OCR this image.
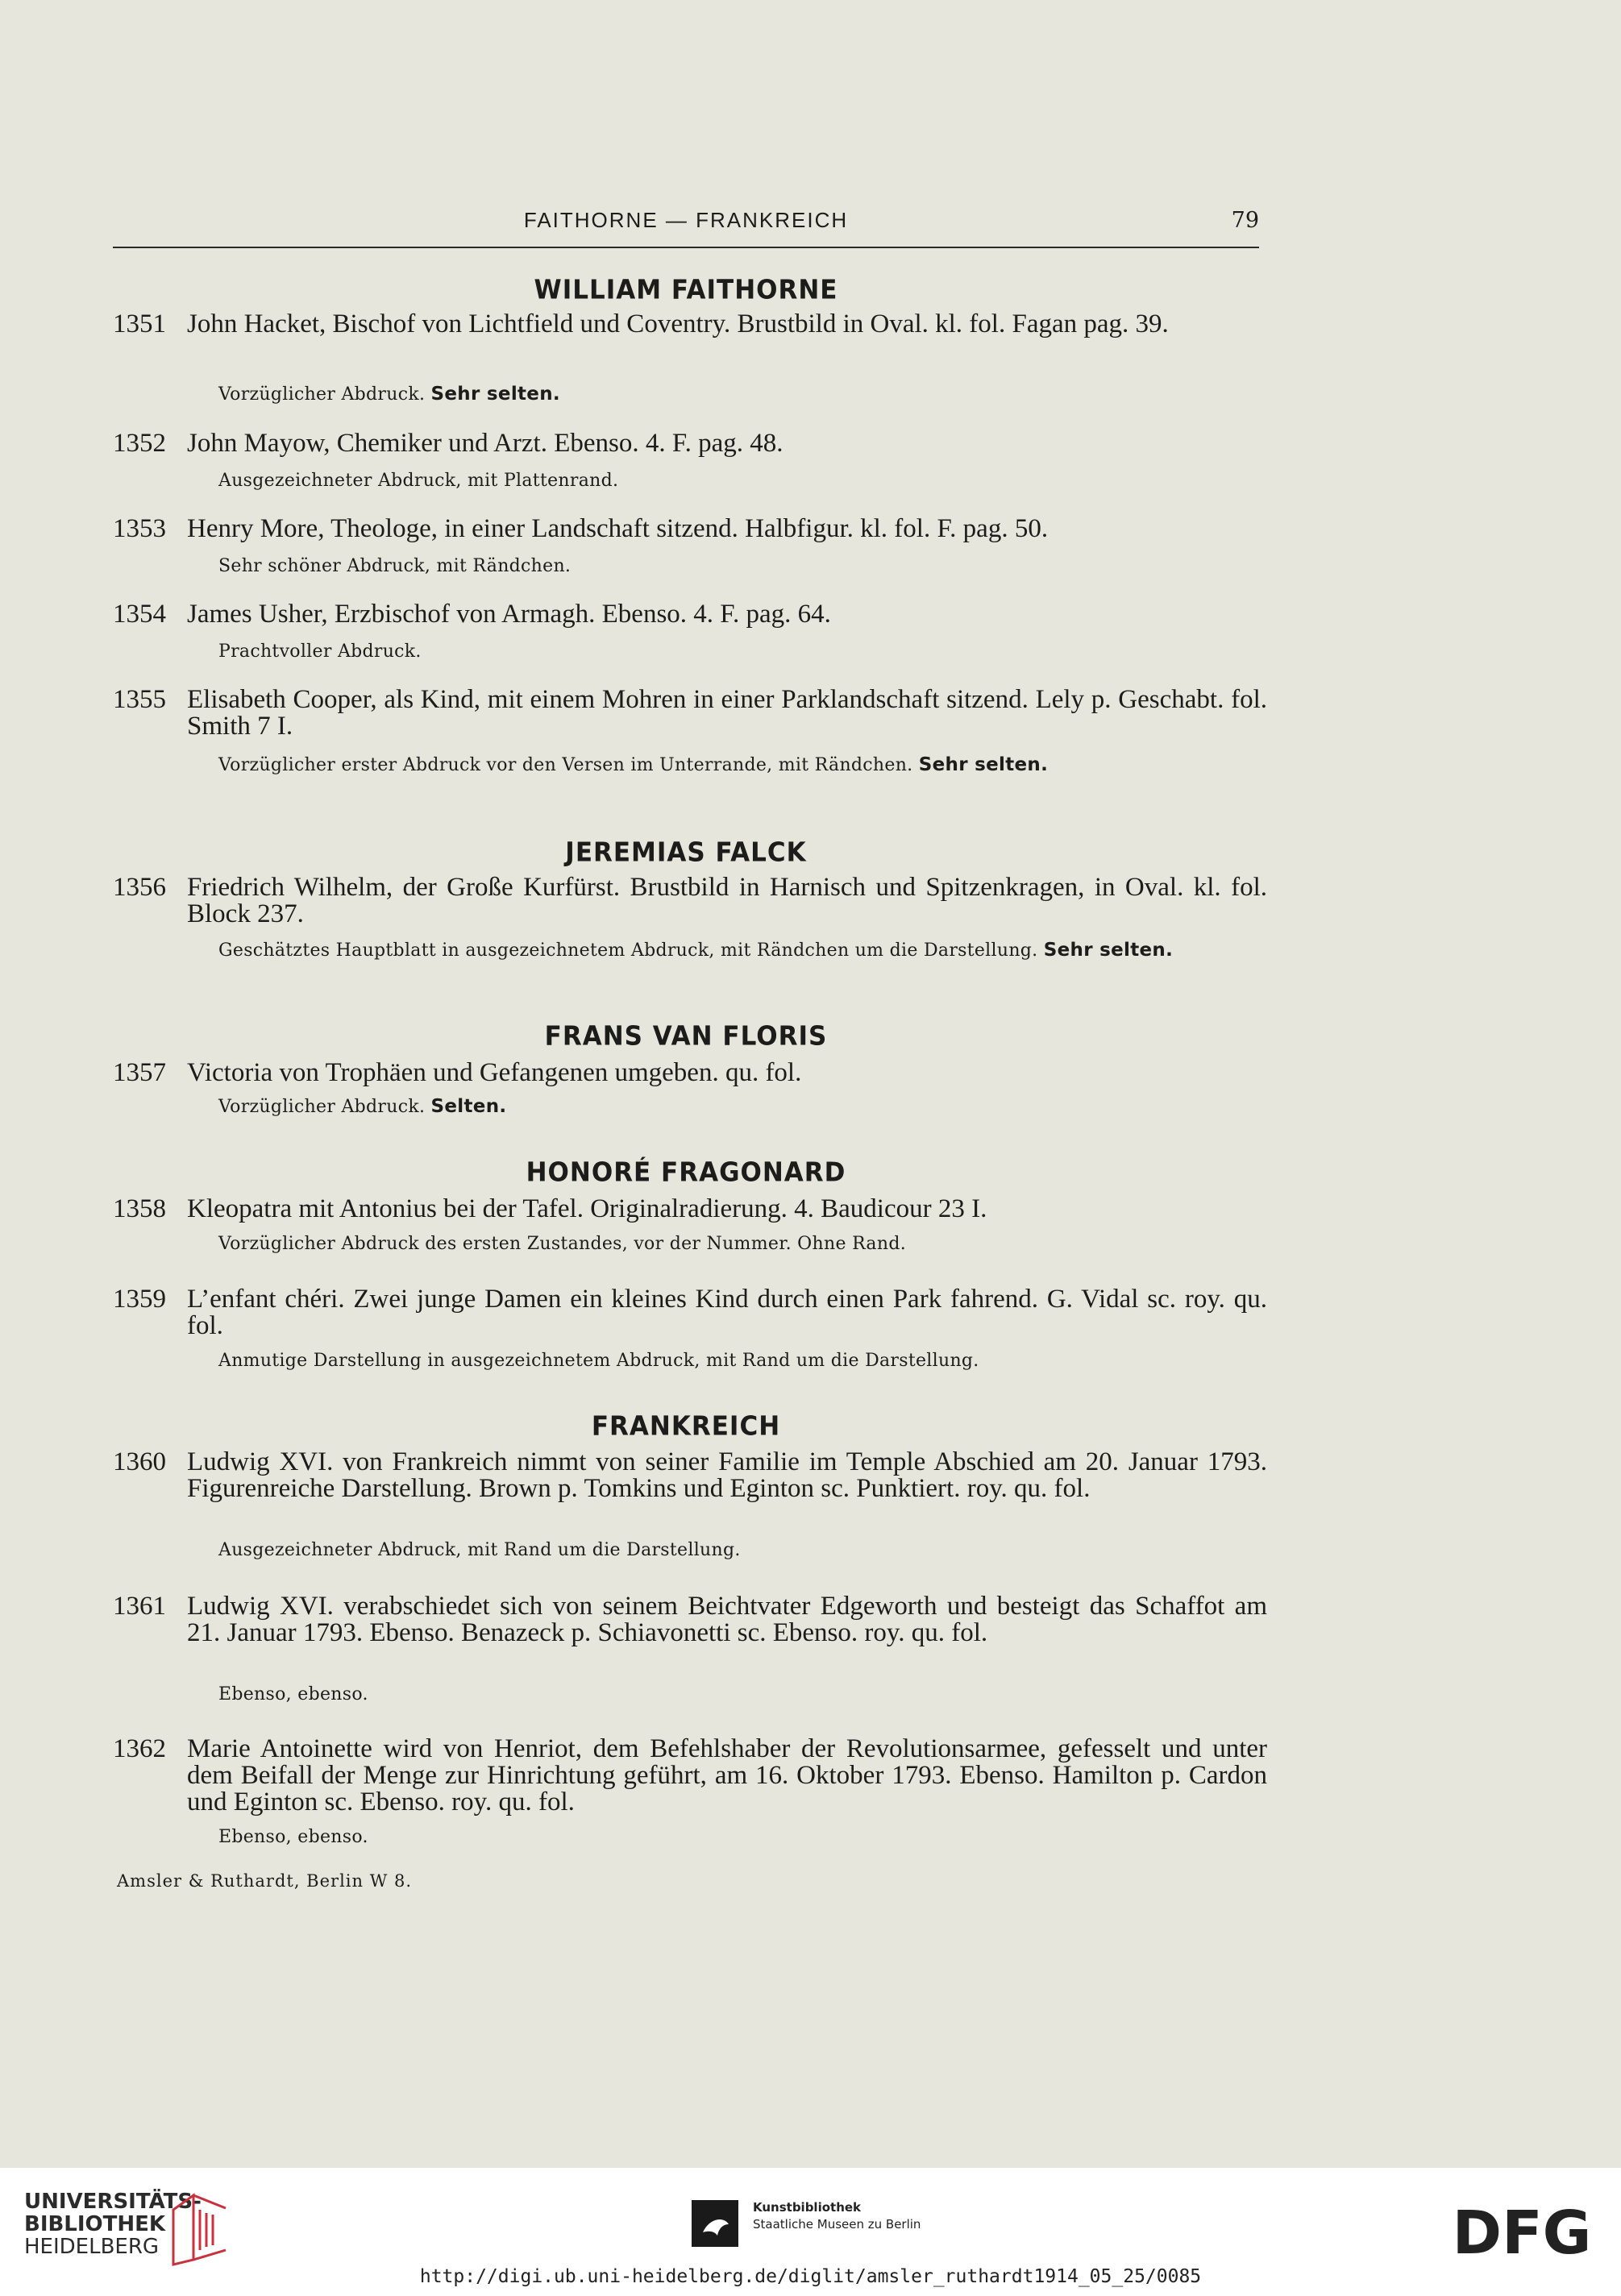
FAITHORNE — FRANKREICH	79
WILLIAM FAITHORNE
JEREMIAS FALCK
FRANS VAN FLORIS
HONORÉ FRAGONARD
FRANKREICH
1351 John Hacket, Bischof von Lichtfield und Coventry. Brustbild in Oval. kl. fol. Fagan pag. 39.
Vorzüglicher Abdruck. Sehr selten.
1352 John Mayow, Chemiker und Arzt. Ebenso. 4. F. pag. 48.
Ausgezeichneter Abdruck, mit Plattenrand.
1353 Henry More, Theologe, in einer Landschaft sitzend. Halbfigur. kl. fol. F. pag. 50.
Sehr schöner Abdruck, mit Rändchen.
1354 James Usher, Erzbischof von Armagh. Ebenso. 4. F. pag. 64.
Prachtvoller Abdruck.
1355 Elisabeth Cooper, als Kind, mit einem Mohren in einer Parklandschaft sitzend. Lely p. Geschabt. fol. Smith 7 I.
Vorzüglicher erster Abdruck vor den Versen im Unterrande, mit Rändchen. Sehr selten.
1356 Friedrich Wilhelm, der Große Kurfürst. Brustbild in Harnisch und Spitzenkragen, in Oval. kl. fol. Block 237.
Geschätztes Hauptblatt in ausgezeichnetem Abdruck, mit Rändchen um die Darstellung. Sehr selten.
1357 Victoria von Trophäen und Gefangenen umgeben. qu. fol.
Vorzüglicher Abdruck. Selten.
1358 Kleopatra mit Antonius bei der Tafel. Originalradierung. 4. Baudicour 23 I.
Vorzüglicher Abdruck des ersten Zustandes, vor der Nummer. Ohne Rand.
1359 L’enfant chéri. Zwei junge Damen ein kleines Kind durch einen Park fahrend. G. Vidal sc. roy. qu. fol.
Anmutige Darstellung in ausgezeichnetem Abdruck, mit Rand um die Darstellung.
1360 Ludwig XVI. von Frankreich nimmt von seiner Familie im Temple Abschied am 20. Januar 1793. Figurenreiche Darstellung. Brown p. Tomkins und Eginton sc. Punktiert. roy. qu. fol.
Ausgezeichneter Abdruck, mit Rand um die Darstellung.
1361 Ludwig XVI. verabschiedet sich von seinem Beichtvater Edgeworth und besteigt das Schaffot am 21. Januar 1793. Ebenso. Benazeck p. Schiavonetti sc. Ebenso. roy. qu. fol.
Ebenso, ebenso.
1362 Marie Antoinette wird von Henriot, dem Befehlshaber der Revolutionsarmee, gefesselt und unter dem Beifall der Menge zur Hinrichtung geführt, am 16. Oktober 1793. Ebenso. Hamilton p. Cardon und Eginton sc. Ebenso. roy. qu. fol.
Ebenso, ebenso.
Amsler & Ruthardt, Berlin W 8.
UNIVERSITÄTS-
BIBLIOTHEK
HEIDELBERG
Kunstbibliothek
Staatliche Museen zu Berlin	DFG
http://digi.ub.uni-heidelberg.de/diglit/amsler_ruthardt1914_05_25/0085
